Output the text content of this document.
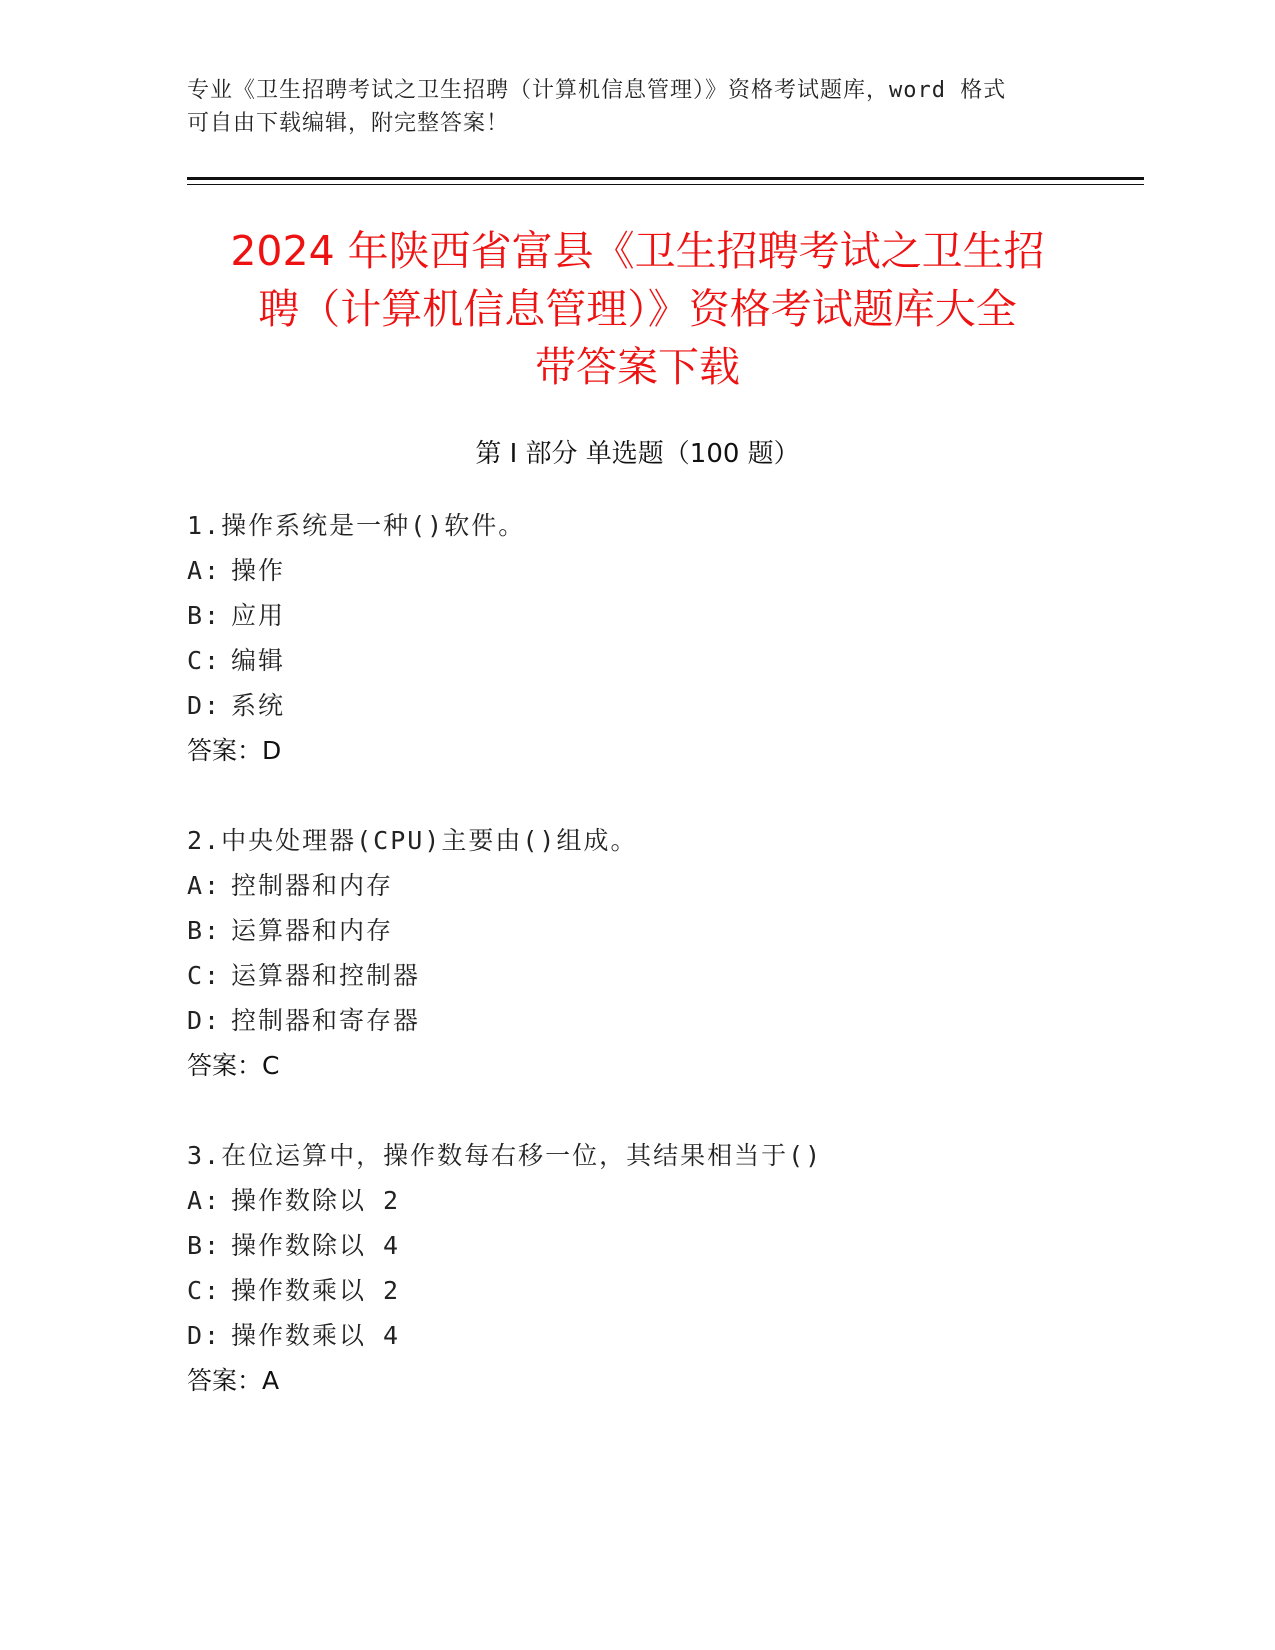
专业《卫生招聘考试之卫生招聘（计算机信息管理）》资格考试题库，word 格式
可自由下载编辑，附完整答案！
2024 年陕西省富县《卫生招聘考试之卫生招
聘（计算机信息管理）》资格考试题库大全
带答案下载
第 I 部分 单选题（100 题）
1.操作系统是一种()软件。
A: 操作
B: 应用
C: 编辑
D: 系统
答案：D
2.中央处理器(CPU)主要由()组成。
A: 控制器和内存
B: 运算器和内存
C: 运算器和控制器
D: 控制器和寄存器
答案：C
3.在位运算中，操作数每右移一位，其结果相当于()
A: 操作数除以 2
B: 操作数除以 4
C: 操作数乘以 2
D: 操作数乘以 4
答案：A
